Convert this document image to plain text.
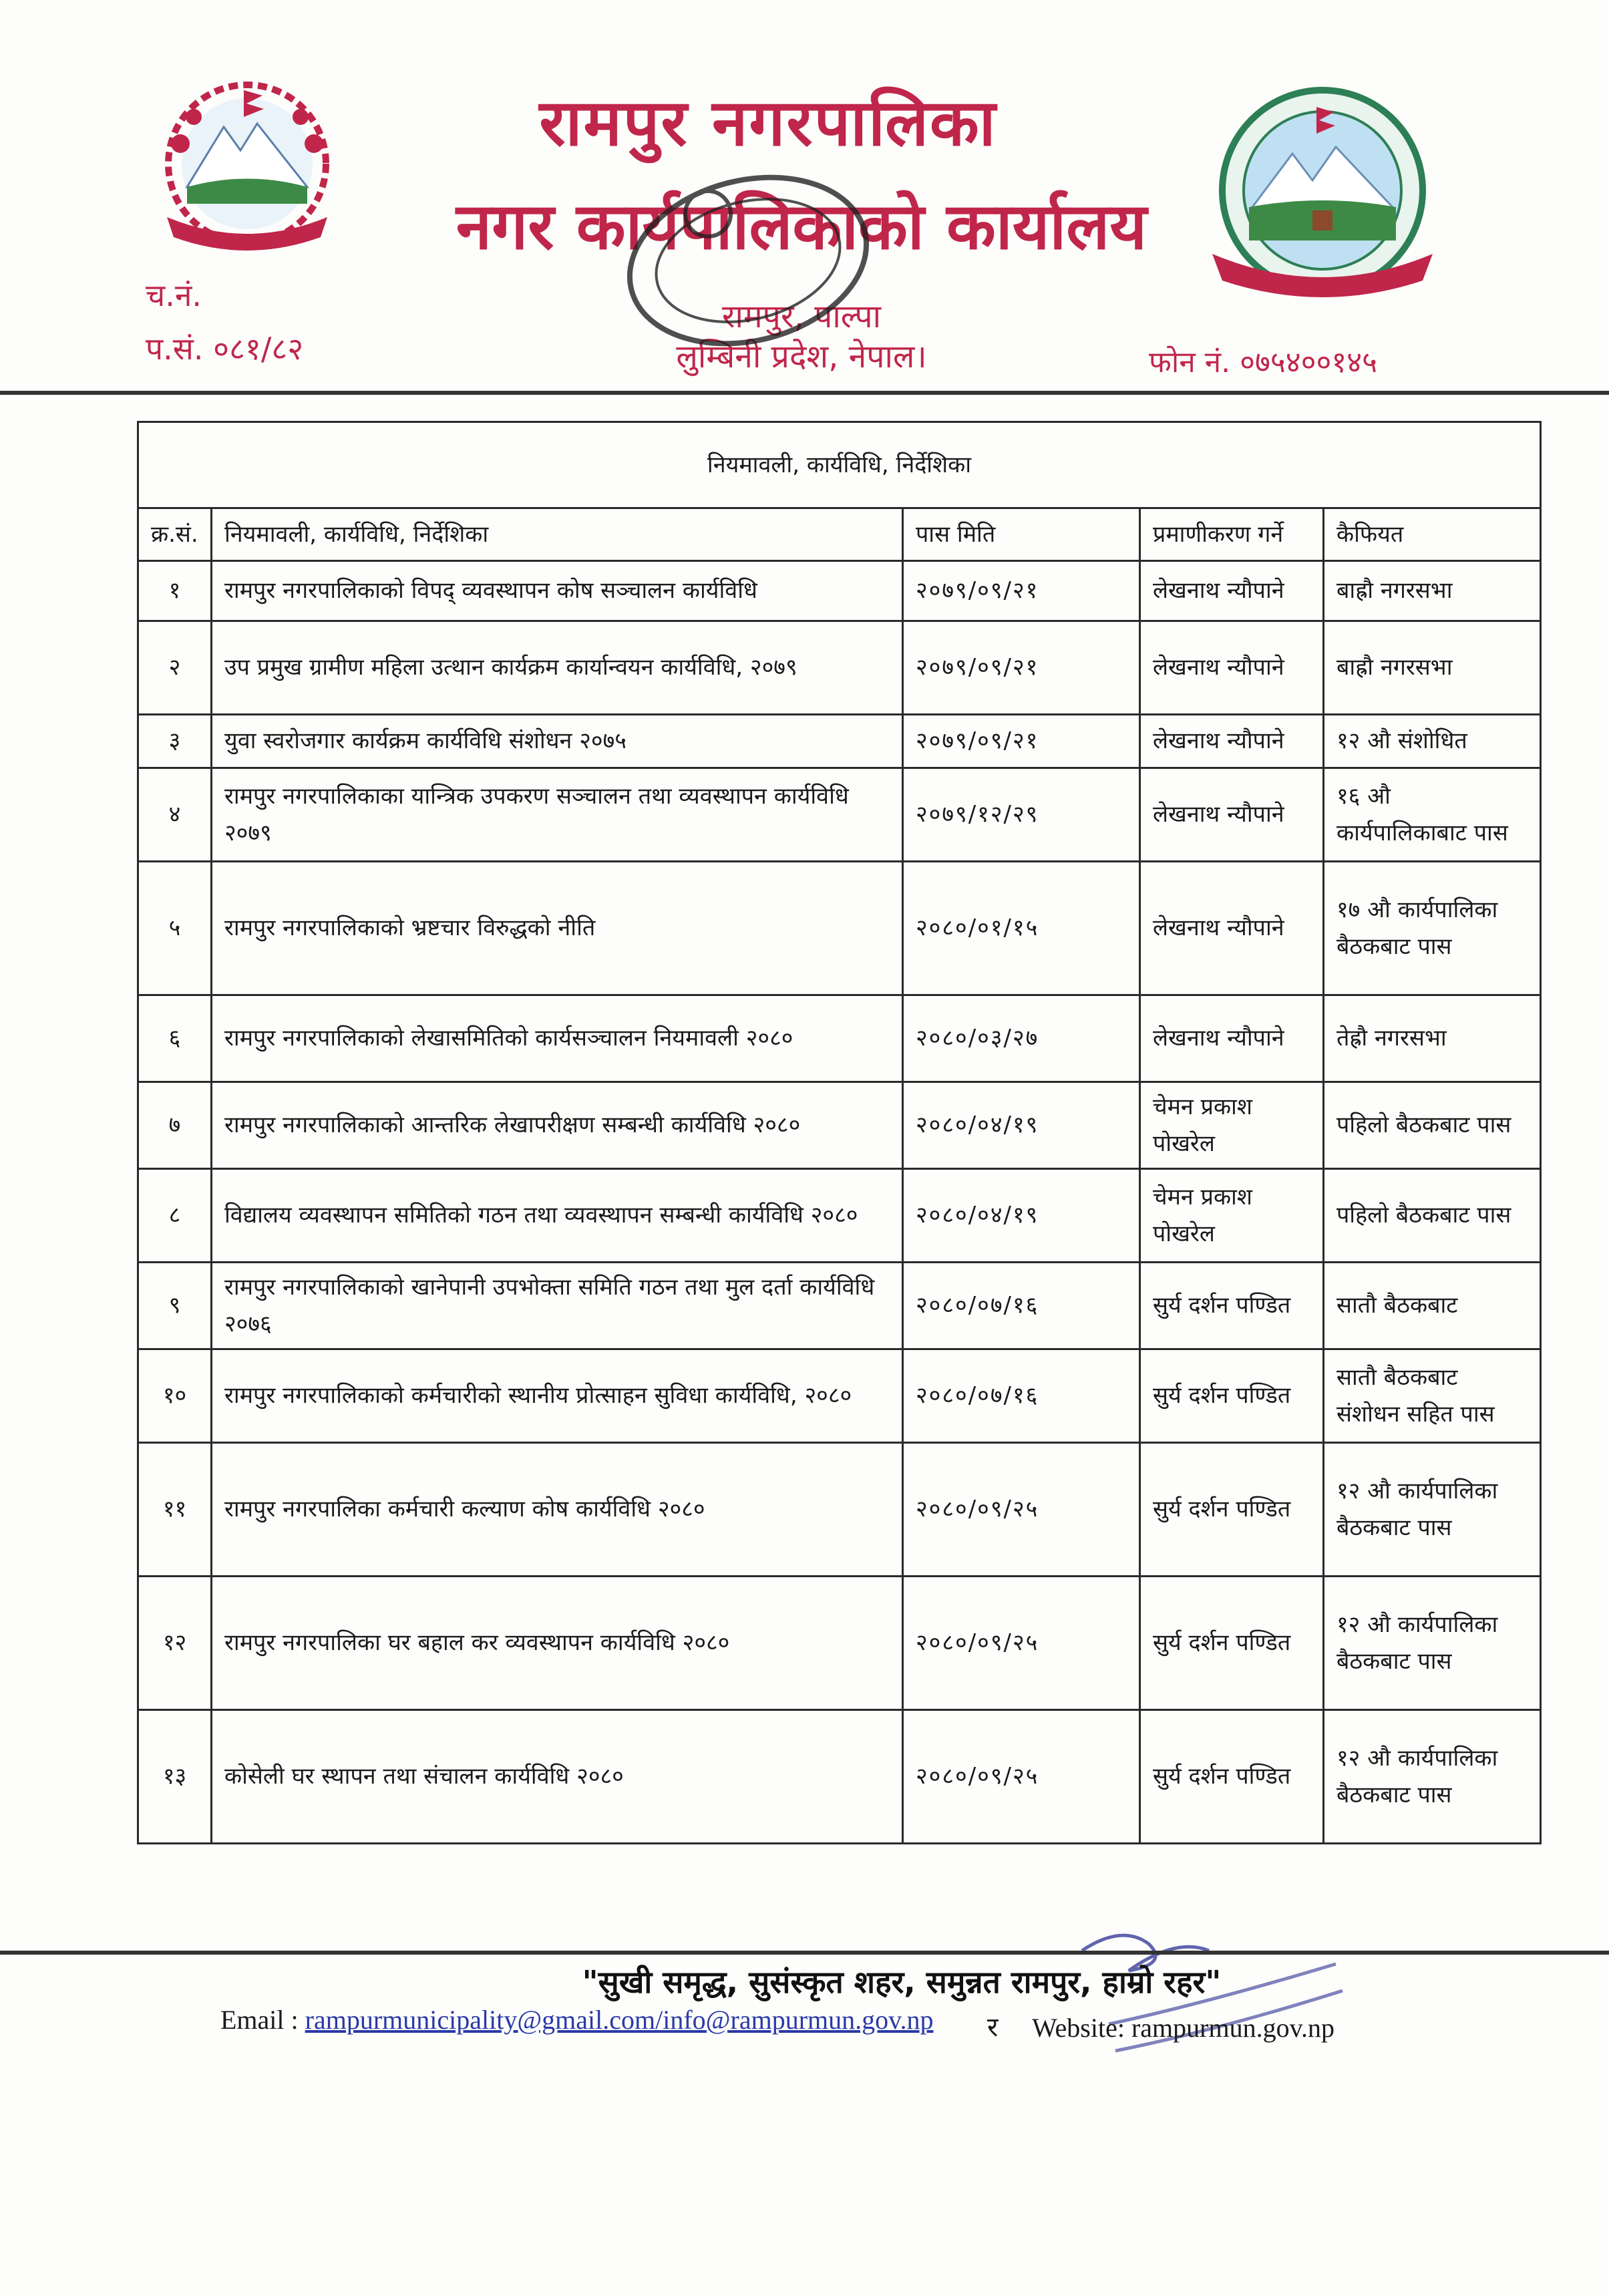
रामपुर नगरपालिका
नगर कार्यपालिकाको कार्यालय
रामपुर, पाल्पा
लुम्बिनी प्रदेश, नेपाल।
च.नं.
प.सं. ०८१/८२	फोन नं. ०७५४००१४५
नियमावली, कार्यविधि, निर्देशिका				
क्र.सं.	नियमावली, कार्यविधि, निर्देशिका	पास मिति	प्रमाणीकरण गर्ने	कैफियत
१	रामपुर नगरपालिकाको विपद् व्यवस्थापन कोष सञ्चालन कार्यविधि	२०७९/०९/२१	लेखनाथ न्यौपाने	बाह्रौ नगरसभा
२	उप प्रमुख ग्रामीण महिला उत्थान कार्यक्रम कार्यान्वयन कार्यविधि, २०७९	२०७९/०९/२१	लेखनाथ न्यौपाने	बाह्रौ नगरसभा
३	युवा स्वरोजगार कार्यक्रम कार्यविधि संशोधन २०७५	२०७९/०९/२१	लेखनाथ न्यौपाने	१२ औ संशोधित
४	रामपुर नगरपालिकाका यान्त्रिक उपकरण सञ्चालन तथा व्यवस्थापन कार्यविधि २०७९	२०७९/१२/२९	लेखनाथ न्यौपाने	१६ औ कार्यपालिकाबाट पास
५	रामपुर नगरपालिकाको भ्रष्टचार विरुद्धको नीति	२०८०/०१/१५	लेखनाथ न्यौपाने	१७ औ कार्यपालिका बैठकबाट पास
६	रामपुर नगरपालिकाको लेखासमितिको कार्यसञ्चालन नियमावली २०८०	२०८०/०३/२७	लेखनाथ न्यौपाने	तेह्रौ नगरसभा
७	रामपुर नगरपालिकाको आन्तरिक लेखापरीक्षण सम्बन्धी कार्यविधि २०८०	२०८०/०४/१९	चेमन प्रकाश पोखरेल	पहिलो बैठकबाट पास
८	विद्यालय व्यवस्थापन समितिको गठन तथा व्यवस्थापन सम्बन्धी कार्यविधि २०८०	२०८०/०४/१९	चेमन प्रकाश पोखरेल	पहिलो बैठकबाट पास
९	रामपुर नगरपालिकाको खानेपानी उपभोक्ता समिति गठन तथा मुल दर्ता कार्यविधि २०७६	२०८०/०७/१६	सुर्य दर्शन पण्डित	सातौ बैठकबाट
१०	रामपुर नगरपालिकाको कर्मचारीको स्थानीय प्रोत्साहन सुविधा कार्यविधि, २०८०	२०८०/०७/१६	सुर्य दर्शन पण्डित	सातौ बैठकबाट संशोधन सहित पास
११	रामपुर नगरपालिका कर्मचारी कल्याण कोष कार्यविधि २०८०	२०८०/०९/२५	सुर्य दर्शन पण्डित	१२ औ कार्यपालिका बैठकबाट पास
१२	रामपुर नगरपालिका घर बहाल कर व्यवस्थापन कार्यविधि २०८०	२०८०/०९/२५	सुर्य दर्शन पण्डित	१२ औ कार्यपालिका बैठकबाट पास
१३	कोसेली घर स्थापन तथा संचालन कार्यविधि २०८०	२०८०/०९/२५	सुर्य दर्शन पण्डित	१२ औ कार्यपालिका बैठकबाट पास
"सुखी समृद्ध, सुसंस्कृत शहर, समुन्नत रामपुर, हाम्रो रहर"
Email : rampurmunicipality@gmail.com/info@rampurmun.gov.np र Website: rampurmun.gov.np
